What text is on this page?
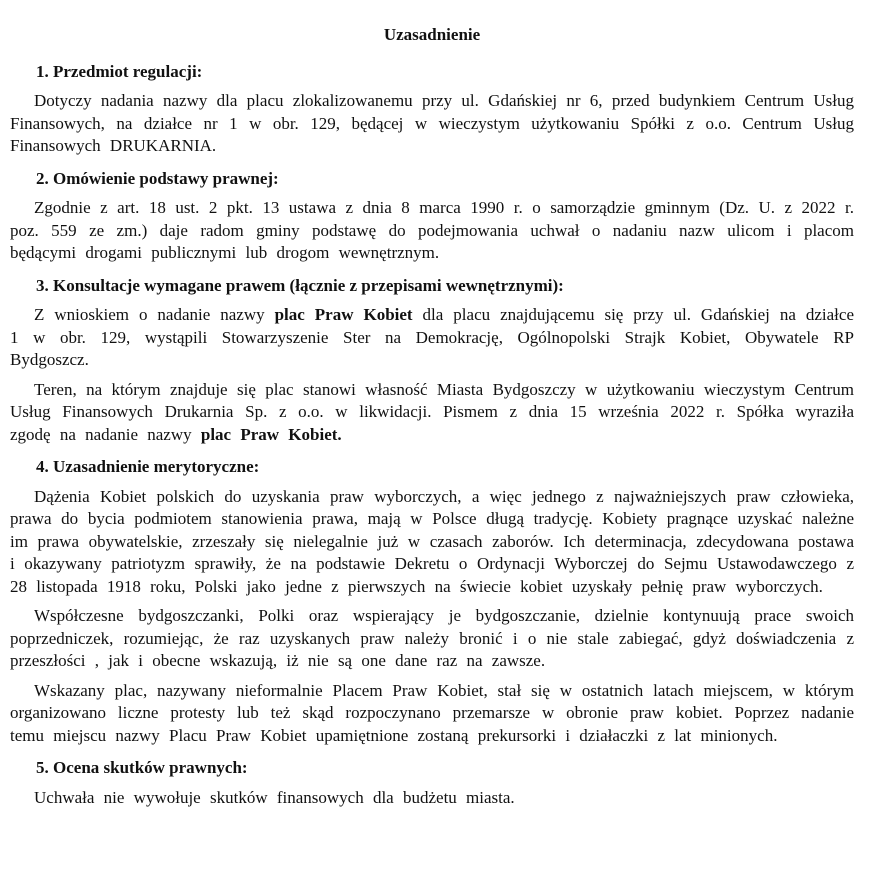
Uzasadnienie
1. Przedmiot regulacji:
Dotyczy nadania nazwy dla placu zlokalizowanemu przy ul. Gdańskiej nr 6, przed budynkiem Centrum Usług Finansowych, na działce nr 1 w obr. 129, będącej w wieczystym użytkowaniu Spółki z o.o. Centrum Usług Finansowych DRUKARNIA.
2. Omówienie podstawy prawnej:
Zgodnie z art. 18 ust. 2 pkt. 13 ustawa z dnia 8 marca 1990 r. o samorządzie gminnym (Dz. U. z 2022 r. poz. 559 ze zm.) daje radom gminy podstawę do podejmowania uchwał o nadaniu nazw ulicom i placom będącymi drogami publicznymi lub drogom wewnętrznym.
3. Konsultacje wymagane prawem (łącznie z przepisami wewnętrznymi):
Z wnioskiem o nadanie nazwy plac Praw Kobiet dla placu znajdującemu się przy ul. Gdańskiej na działce 1 w obr. 129, wystąpili Stowarzyszenie Ster na Demokrację, Ogólnopolski Strajk Kobiet, Obywatele RP Bydgoszcz.
Teren, na którym znajduje się plac stanowi własność Miasta Bydgoszczy w użytkowaniu wieczystym Centrum Usług Finansowych Drukarnia Sp. z o.o. w likwidacji. Pismem z dnia 15 września 2022 r. Spółka wyraziła zgodę na nadanie nazwy plac Praw Kobiet.
4. Uzasadnienie merytoryczne:
Dążenia Kobiet polskich do uzyskania praw wyborczych, a więc jednego z najważniejszych praw człowieka, prawa do bycia podmiotem stanowienia prawa, mają w Polsce długą tradycję. Kobiety pragnące uzyskać należne im prawa obywatelskie, zrzeszały się nielegalnie już w czasach zaborów. Ich determinacja, zdecydowana postawa i okazywany patriotyzm sprawiły, że na podstawie Dekretu o Ordynacji Wyborczej do Sejmu Ustawodawczego z 28 listopada 1918 roku, Polski jako jedne z pierwszych na świecie kobiet uzyskały pełnię praw wyborczych.
Współczesne bydgoszczanki, Polki oraz wspierający je bydgoszczanie, dzielnie kontynuują prace swoich poprzedniczek, rozumiejąc, że raz uzyskanych praw należy bronić i o nie stale zabiegać, gdyż doświadczenia z przeszłości , jak i obecne wskazują, iż nie są one dane raz na zawsze.
Wskazany plac, nazywany nieformalnie Placem Praw Kobiet, stał się w ostatnich latach miejscem, w którym organizowano liczne protesty lub też skąd rozpoczynano przemarsze w obronie praw kobiet. Poprzez nadanie temu miejscu nazwy Placu Praw Kobiet upamiętnione zostaną prekursorki i działaczki z lat minionych.
5. Ocena skutków prawnych:
Uchwała nie wywołuje skutków finansowych dla budżetu miasta.
